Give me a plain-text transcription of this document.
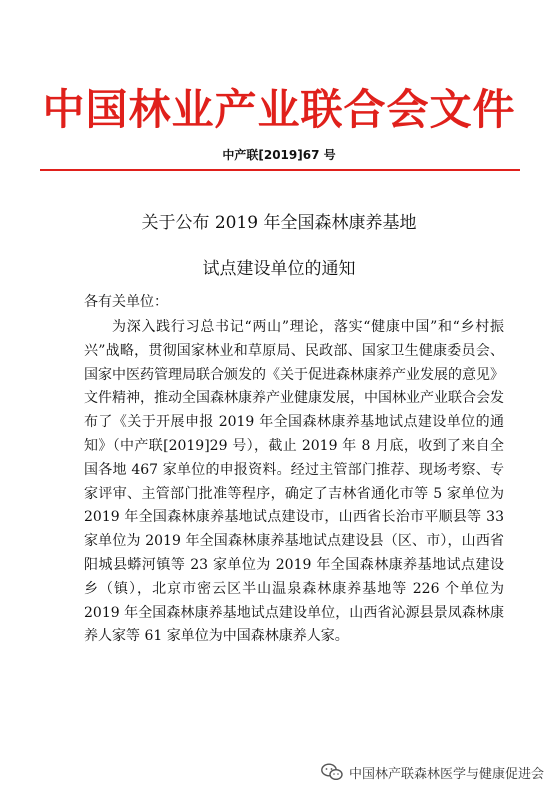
中国林业产业联合会文件
中产联[2019]67 号
关于公布 2019 年全国森林康养基地
试点建设单位的通知
各有关单位：

为深入践行习总书记“两山”理论，落实“健康中国”和“乡村振兴”战略，贯彻国家林业和草原局、民政部、国家卫生健康委员会、国家中医药管理局联合颁发的《关于促进森林康养产业发展的意见》文件精神，推动全国森林康养产业健康发展，中国林业产业联合会发布了《关于开展申报 2019 年全国森林康养基地试点建设单位的通知》（中产联[2019]29 号），截止 2019 年 8 月底，收到了来自全国各地 467 家单位的申报资料。经过主管部门推荐、现场考察、专家评审、主管部门批准等程序，确定了吉林省通化市等 5 家单位为 2019 年全国森林康养基地试点建设市，山西省长治市平顺县等 33 家单位为 2019 年全国森林康养基地试点建设县（区、市），山西省阳城县蟒河镇等 23 家单位为 2019 年全国森林康养基地试点建设乡（镇），北京市密云区半山温泉森林康养基地等 226 个单位为 2019 年全国森林康养基地试点建设单位，山西省沁源县景凤森林康养人家等 61 家单位为中国森林康养人家。

中国林产联森林医学与健康促进会
